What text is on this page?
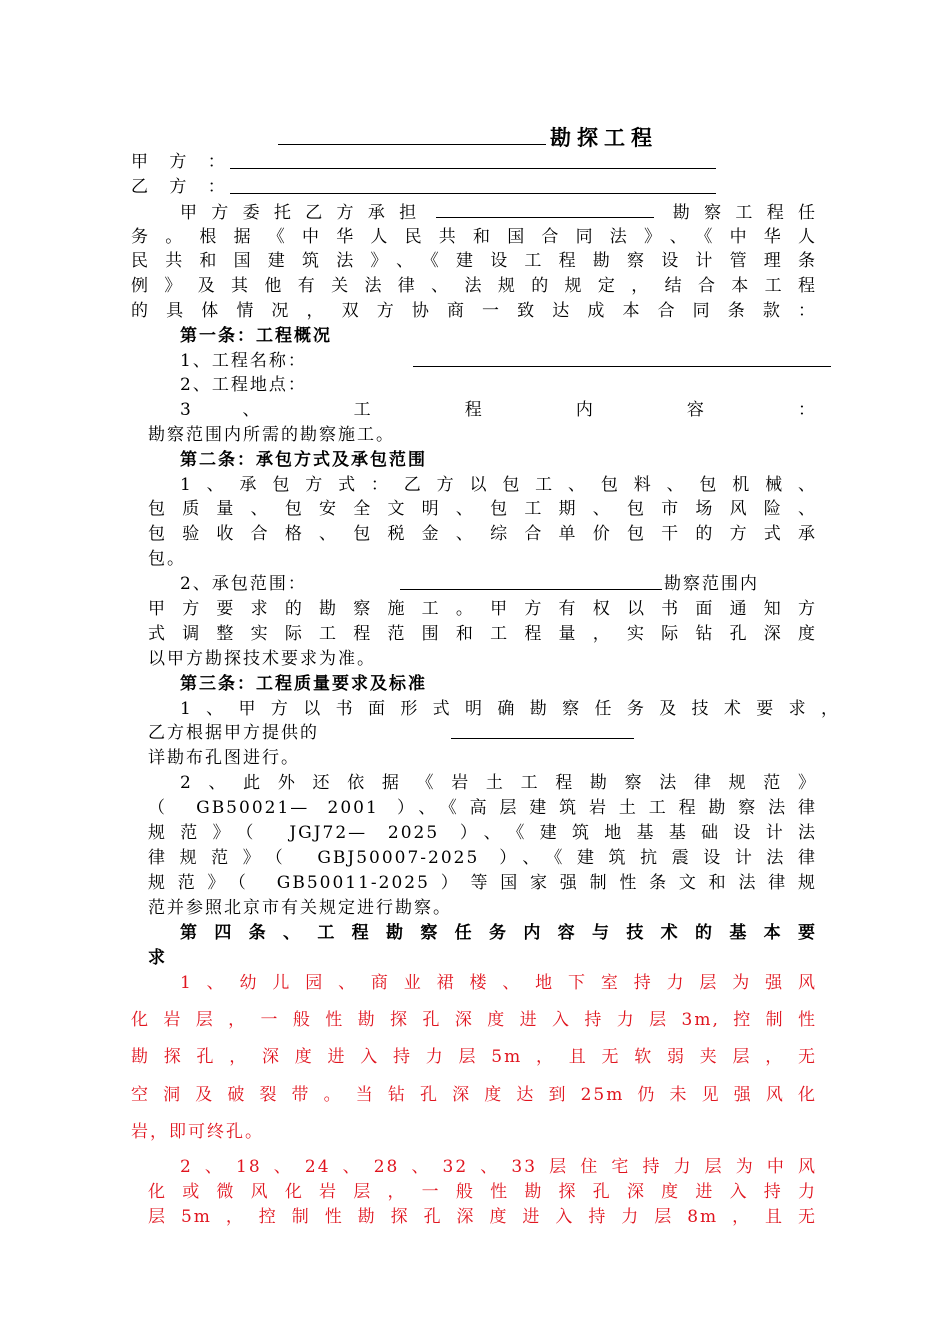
勘探工程
甲 方 ：
乙 方 ：
甲方委托乙方承担	勘察工程任
务。根据《中华人民共和国合同法》、《中华人
民共和国建筑法》、《建设工程勘察设计管理条
例》及其他有关法律、法规的规定，结合本工程
的具体情况，双方协商一致达成本合同条款：
第一条：工程概况
1、工程名称：
2、工程地点：
3 、 工 程 内 容 ：
勘察范围内所需的勘察施工。
第二条：承包方式及承包范围
1、承包方式：乙方以包工、包料、包机械、
包质量、包安全文明、包工期、包市场风险、
包验收合格、包税金、综合单价包干的方式承
包。
2、承包范围：	勘察范围内
甲方要求的勘察施工。甲方有权以书面通知方
式调整实际工程范围和工程量，实际钻孔深度
以甲方勘探技术要求为准。
第三条：工程质量要求及标准
1、甲方以书面形式明确勘察任务及技术要求，
乙方根据甲方提供的
详勘布孔图进行。
2、此外还依据《岩土工程勘察法律规范》
（ GB50021— 2001 ）、《高层建筑岩土工程勘察法律
规范》（ JGJ72— 2025 ）、《建筑地基基础设计法
律规范》（ GBJ50007-2025 ）、《建筑抗震设计法律
规范》（ GB50011-2025）等国家强制性条文和法律规
范并参照北京市有关规定进行勘察。
第四条、工程勘察任务内容与技术的基本要
求
1、幼儿园、商业裙楼、地下室持力层为强风
化岩层，一般性勘探孔深度进入持力层3m,控制性
勘探孔，深度进入持力层5m，且无软弱夹层，无
空洞及破裂带。当钻孔深度达到25m仍未见强风化
岩，即可终孔。
2、18、24、28、32、33层住宅持力层为中风
化或微风化岩层，一般性勘探孔深度进入持力
层5m，控制性勘探孔深度进入持力层8m，且无
